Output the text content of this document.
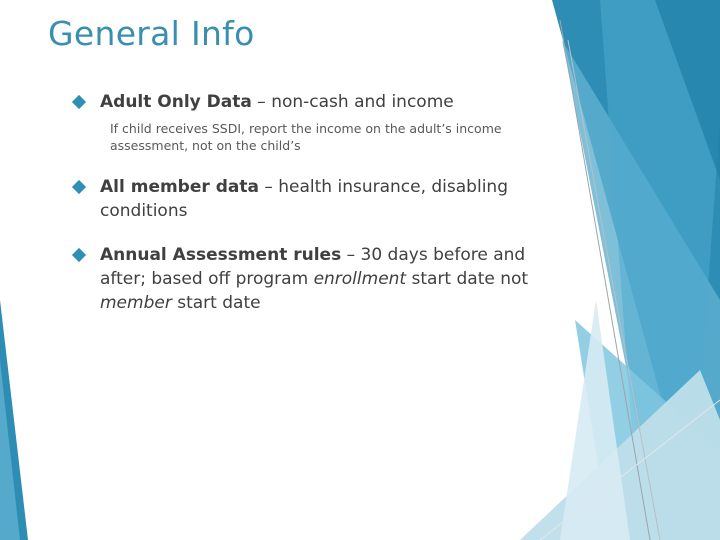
General Info
Adult Only Data – non-cash and income
If child receives SSDI, report the income on the adult’s income assessment, not on the child’s
All member data – health insurance, disabling conditions
Annual Assessment rules – 30 days before and after; based off program enrollment start date not member start date
